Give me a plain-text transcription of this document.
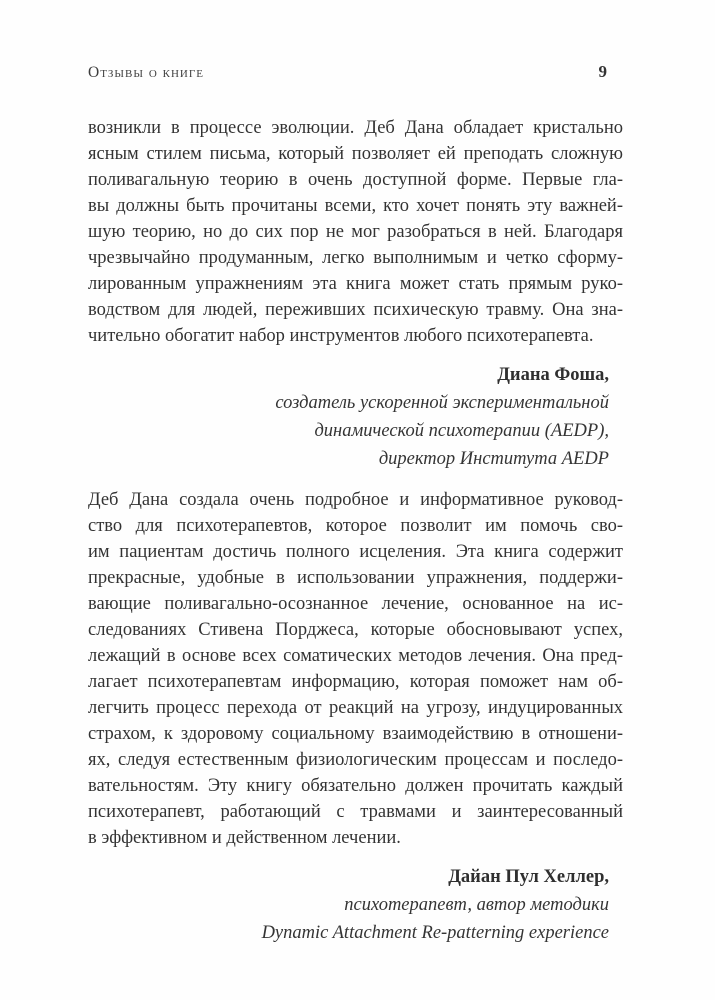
Отзывы о книге	9
возникли в процессе эволюции. Деб Дана обладает кристально
ясным стилем письма, который позволяет ей преподать сложную
поливагальную теорию в очень доступной форме. Первые гла-
вы должны быть прочитаны всеми, кто хочет понять эту важней-
шую теорию, но до сих пор не мог разобраться в ней. Благодаря
чрезвычайно продуманным, легко выполнимым и четко сформу-
лированным упражнениям эта книга может стать прямым руко-
водством для людей, переживших психическую травму. Она зна-
чительно обогатит набор инструментов любого психотерапевта.
Диана Фоша,
создатель ускоренной экспериментальной
динамической психотерапии (AEDP),
директор Института AEDP
Деб Дана создала очень подробное и информативное руковод-
ство для психотерапевтов, которое позволит им помочь сво-
им пациентам достичь полного исцеления. Эта книга содержит
прекрасные, удобные в использовании упражнения, поддержи-
вающие поливагально-осознанное лечение, основанное на ис-
следованиях Стивена Порджеса, которые обосновывают успех,
лежащий в основе всех соматических методов лечения. Она пред-
лагает психотерапевтам информацию, которая поможет нам об-
легчить процесс перехода от реакций на угрозу, индуцированных
страхом, к здоровому социальному взаимодействию в отношени-
ях, следуя естественным физиологическим процессам и последо-
вательностям. Эту книгу обязательно должен прочитать каждый
психотерапевт, работающий с травмами и заинтересованный
в эффективном и действенном лечении.
Дайан Пул Хеллер,
психотерапевт, автор методики
Dynamic Attachment Re-patterning experience
